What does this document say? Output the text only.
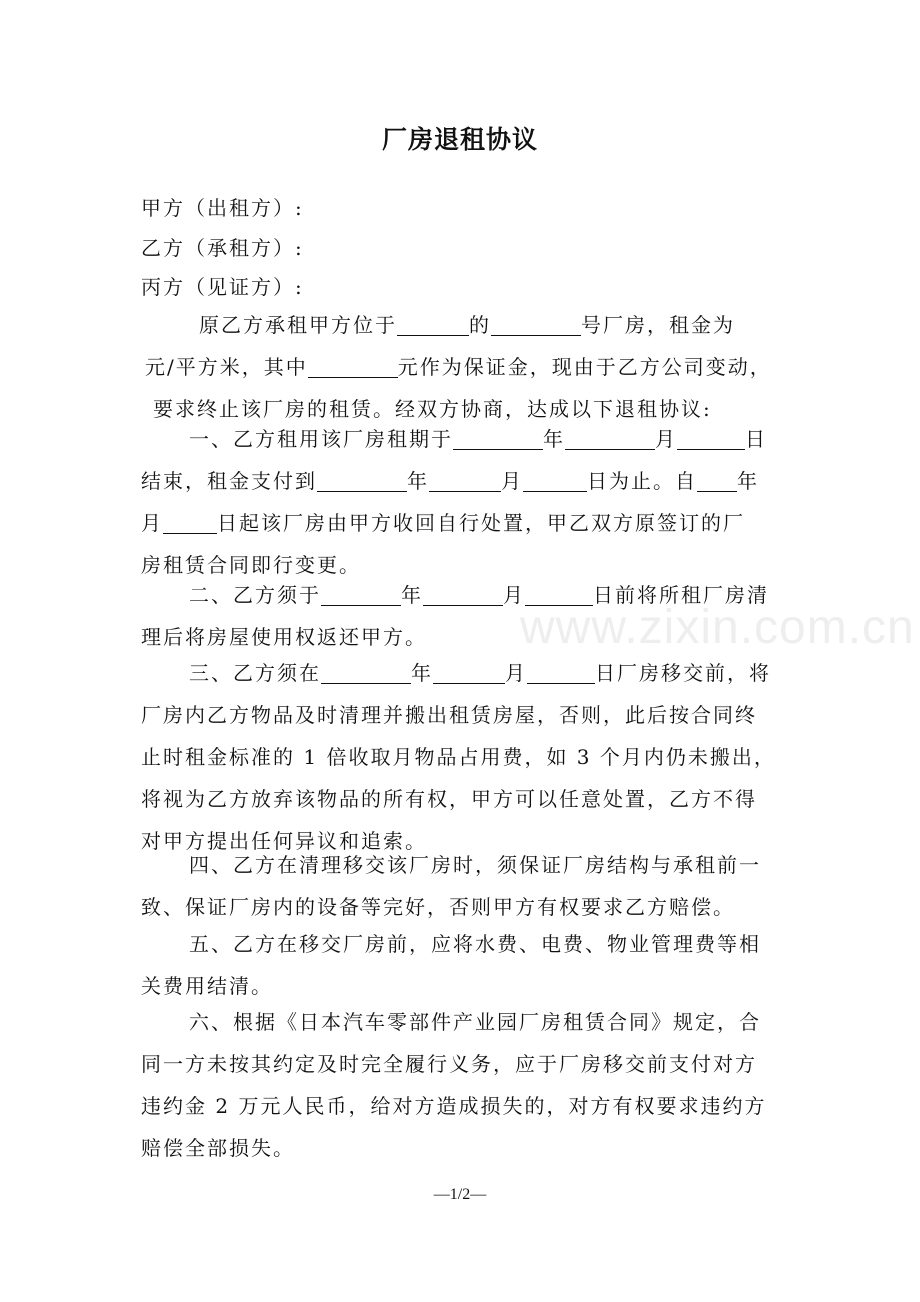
www.zixin.com.cn
厂房退租协议
甲方（出租方）:
乙方（承租方）:
丙方（见证方）:
原乙方承租甲方位于	的	号厂房，租金为
元/平方米，其中	元作为保证金，现由于乙方公司变动，
要求终止该厂房的租赁。经双方协商，达成以下退租协议:
一、乙方租用该厂房租期于	年	月	日
结束，租金支付到	年	月	日为止。自 年
月	日起该厂房由甲方收回自行处置，甲乙双方原签订的厂
房租赁合同即行变更。
二、乙方须于	年	月	日前将所租厂房清
理后将房屋使用权返还甲方。
三、乙方须在	年	月	日厂房移交前，将
厂房内乙方物品及时清理并搬出租赁房屋，否则，此后按合同终
止时租金标准的 1 倍收取月物品占用费，如 3 个月内仍未搬出，
将视为乙方放弃该物品的所有权，甲方可以任意处置，乙方不得
对甲方提出任何异议和追索。
四、乙方在清理移交该厂房时，须保证厂房结构与承租前一
致、保证厂房内的设备等完好，否则甲方有权要求乙方赔偿。
五、乙方在移交厂房前，应将水费、电费、物业管理费等相
关费用结清。
六、根据《日本汽车零部件产业园厂房租赁合同》规定，合
同一方未按其约定及时完全履行义务，应于厂房移交前支付对方
违约金 2 万元人民币，给对方造成损失的，对方有权要求违约方
赔偿全部损失。
—1/2—
